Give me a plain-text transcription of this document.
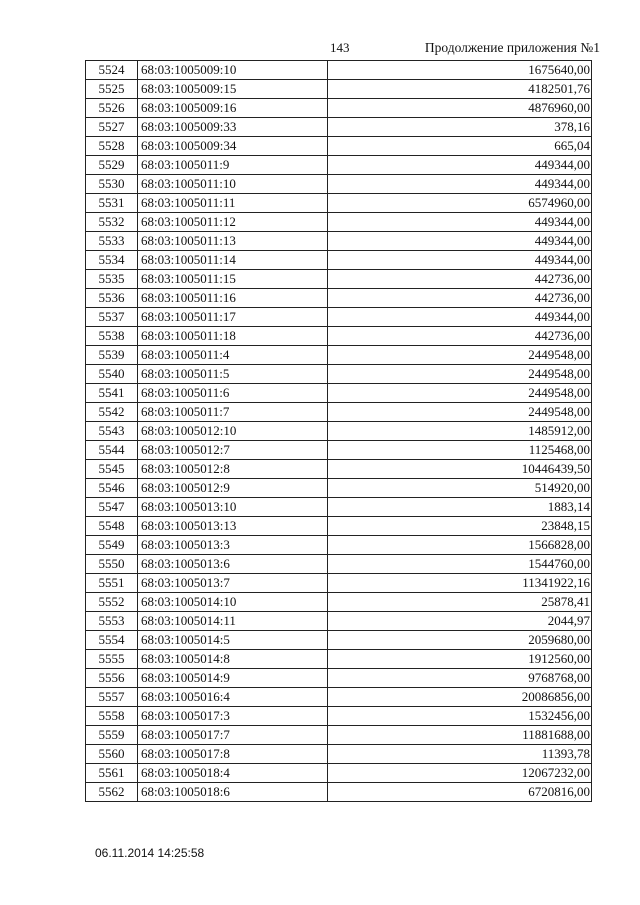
143	Продолжение приложения №1
5524	68:03:1005009:10	1675640,00
5525	68:03:1005009:15	4182501,76
5526	68:03:1005009:16	4876960,00
5527	68:03:1005009:33	378,16
5528	68:03:1005009:34	665,04
5529	68:03:1005011:9	449344,00
5530	68:03:1005011:10	449344,00
5531	68:03:1005011:11	6574960,00
5532	68:03:1005011:12	449344,00
5533	68:03:1005011:13	449344,00
5534	68:03:1005011:14	449344,00
5535	68:03:1005011:15	442736,00
5536	68:03:1005011:16	442736,00
5537	68:03:1005011:17	449344,00
5538	68:03:1005011:18	442736,00
5539	68:03:1005011:4	2449548,00
5540	68:03:1005011:5	2449548,00
5541	68:03:1005011:6	2449548,00
5542	68:03:1005011:7	2449548,00
5543	68:03:1005012:10	1485912,00
5544	68:03:1005012:7	1125468,00
5545	68:03:1005012:8	10446439,50
5546	68:03:1005012:9	514920,00
5547	68:03:1005013:10	1883,14
5548	68:03:1005013:13	23848,15
5549	68:03:1005013:3	1566828,00
5550	68:03:1005013:6	1544760,00
5551	68:03:1005013:7	11341922,16
5552	68:03:1005014:10	25878,41
5553	68:03:1005014:11	2044,97
5554	68:03:1005014:5	2059680,00
5555	68:03:1005014:8	1912560,00
5556	68:03:1005014:9	9768768,00
5557	68:03:1005016:4	20086856,00
5558	68:03:1005017:3	1532456,00
5559	68:03:1005017:7	11881688,00
5560	68:03:1005017:8	11393,78
5561	68:03:1005018:4	12067232,00
5562	68:03:1005018:6	6720816,00
06.11.2014 14:25:58
